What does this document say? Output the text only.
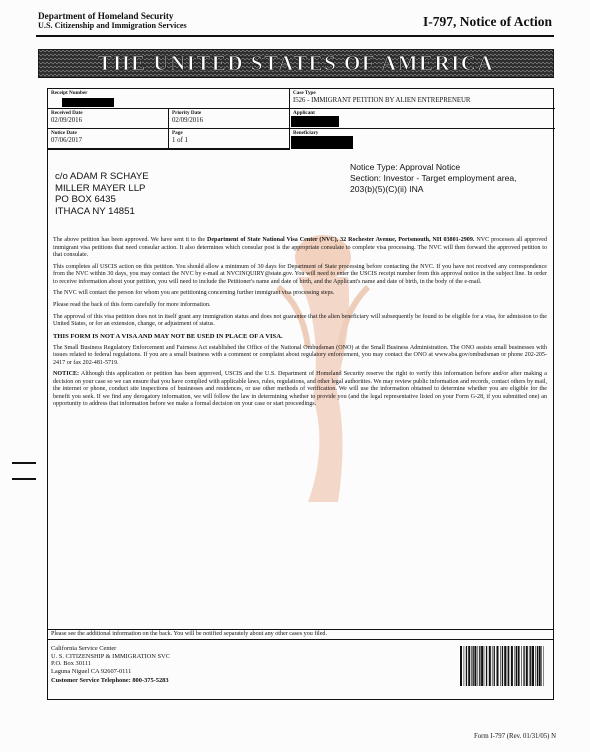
Department of Homeland Security
U.S. Citizenship and Immigration Services	I-797, Notice of Action
THE UNITED STATES OF AMERICA
Receipt Number	Case Type
I526 - IMMIGRANT PETITION BY ALIEN ENTREPRENEUR
Received Date
02/09/2016
Priority Date
02/09/2016
Applicant
Notice Date
07/06/2017
Page
1 of 1
Beneficiary
c/o ADAM R SCHAYE
MILLER MAYER LLP
PO BOX 6435
ITHACA NY 14851
Notice Type: Approval Notice
Section: Investor - Target employment area,
203(b)(5)(C)(ii) INA

The above petition has been approved. We have sent it to the Department of State National Visa Center (NVC), 32 Rochester Avenue, Portsmouth, NH 03801-2909. NVC processes all approved immigrant visa petitions that need consular action. It also determines which consular post is the appropriate consulate to complete visa processing. The NVC will then forward the approved petition to that consulate.

This completes all USCIS action on this petition. You should allow a minimum of 30 days for Department of State processing before contacting the NVC. If you have not received any correspondence from the NVC within 30 days, you may contact the NVC by e-mail at NVCINQUIRY@state.gov. You will need to enter the USCIS receipt number from this approval notice in the subject line. In order to receive information about your petition, you will need to include the Petitioner's name and date of birth, and the Applicant's name and date of birth, in the body of the e-mail.

The NVC will contact the person for whom you are petitioning concerning further immigrant visa processing steps.

Please read the back of this form carefully for more information.

The approval of this visa petition does not in itself grant any immigration status and does not guarantee that the alien beneficiary will subsequently be found to be eligible for a visa, for admission to the United States, or for an extension, change, or adjustment of status.

THIS FORM IS NOT A VISA AND MAY NOT BE USED IN PLACE OF A VISA.

The Small Business Regulatory Enforcement and Fairness Act established the Office of the National Ombudsman (ONO) at the Small Business Administration. The ONO assists small businesses with issues related to federal regulations. If you are a small business with a comment or complaint about regulatory enforcement, you may contact the ONO at www.sba.gov/ombudsman or phone 202-205-2417 or fax 202-481-5719.

NOTICE: Although this application or petition has been approved, USCIS and the U.S. Department of Homeland Security reserve the right to verify this information before and/or after making a decision on your case so we can ensure that you have complied with applicable laws, rules, regulations, and other legal authorities. We may review public information and records, contact others by mail, the internet or phone, conduct site inspections of businesses and residences, or use other methods of verification. We will use the information obtained to determine whether you are eligible for the benefit you seek. If we find any derogatory information, we will follow the law in determining whether to provide you (and the legal representative listed on your Form G-28, if you submitted one) an opportunity to address that information before we make a formal decision on your case or start proceedings.

Please see the additional information on the back. You will be notified separately about any other cases you filed.
California Service Center
U. S. CITIZENSHIP & IMMIGRATION SVC
P.O. Box 30111
Laguna Niguel CA 92607-0111
Customer Service Telephone: 800-375-5283
Form I-797 (Rev. 01/31/05) N
